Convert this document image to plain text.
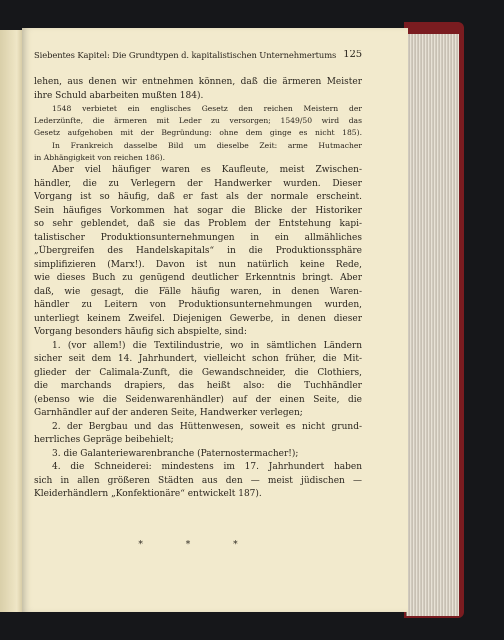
Siebentes Kapitel: Die Grundtypen d. kapitalistischen Unternehmertums 125
lehen, aus denen wir entnehmen können, daß die ärmeren Meister
ihre Schuld abarbeiten mußten 184).
1548 verbietet ein englisches Gesetz den reichen Meistern der
Lederzünfte, die ärmeren mit Leder zu versorgen; 1549/50 wird das
Gesetz aufgehoben mit der Begründung: ohne dem ginge es nicht 185).
In Frankreich dasselbe Bild um dieselbe Zeit: arme Hutmacher
in Abhängigkeit von reichen 186).
Aber viel häufiger waren es Kaufleute, meist Zwischen-
händler, die zu Verlegern der Handwerker wurden. Dieser
Vorgang ist so häufig, daß er fast als der normale erscheint.
Sein häufiges Vorkommen hat sogar die Blicke der Historiker
so sehr geblendet, daß sie das Problem der Entstehung kapi-
talistischer Produktionsunternehmungen in ein allmähliches
„Übergreifen des Handelskapitals“ in die Produktionssphäre
simplifizieren (Marx!). Davon ist nun natürlich keine Rede,
wie dieses Buch zu genügend deutlicher Erkenntnis bringt. Aber
daß, wie gesagt, die Fälle häufig waren, in denen Waren-
händler zu Leitern von Produktionsunternehmungen wurden,
unterliegt keinem Zweifel. Diejenigen Gewerbe, in denen dieser
Vorgang besonders häufig sich abspielte, sind:
1. (vor allem!) die Textilindustrie, wo in sämtlichen Ländern
sicher seit dem 14. Jahrhundert, vielleicht schon früher, die Mit-
glieder der Calimala-Zunft, die Gewandschneider, die Clothiers,
die marchands drapiers, das heißt also: die Tuchhändler
(ebenso wie die Seidenwarenhändler) auf der einen Seite, die
Garnhändler auf der anderen Seite, Handwerker verlegen;
2. der Bergbau und das Hüttenwesen, soweit es nicht grund-
herrliches Gepräge beibehielt;
3. die Galanteriewarenbranche (Paternostermacher!);
4. die Schneiderei: mindestens im 17. Jahrhundert haben
sich in allen größeren Städten aus den — meist jüdischen —
Kleiderhändlern „Konfektionäre“ entwickelt 187).
* * *
